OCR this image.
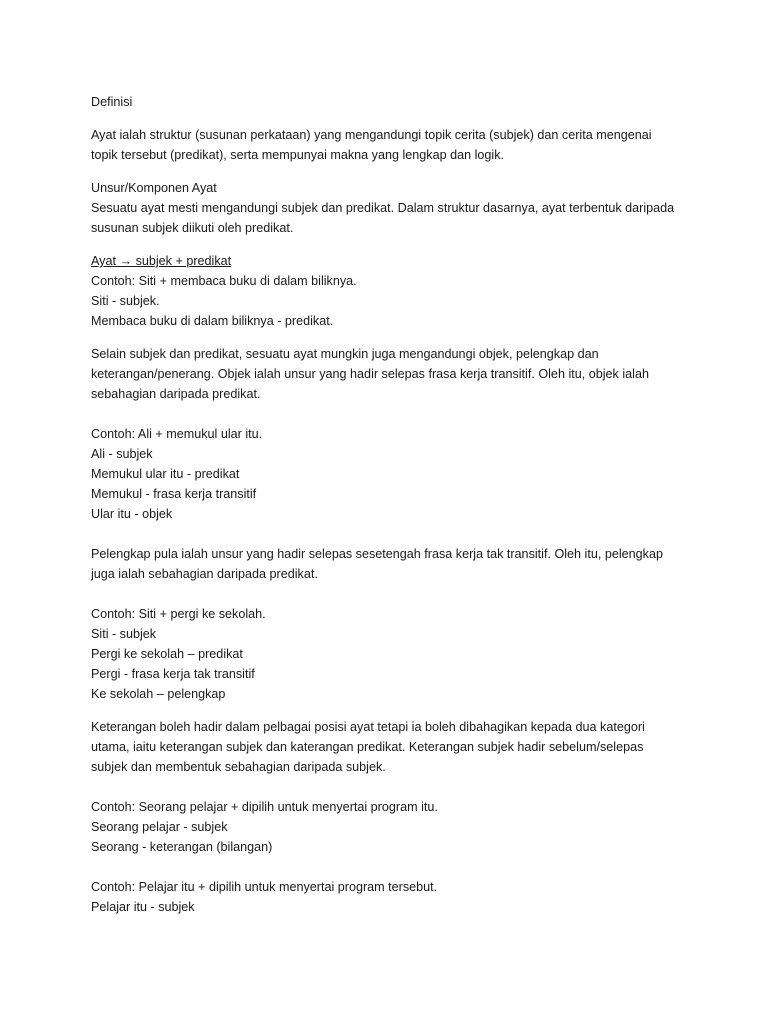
Definisi
Ayat ialah struktur (susunan perkataan) yang mengandungi topik cerita (subjek) dan cerita mengenai
topik tersebut (predikat), serta mempunyai makna yang lengkap dan logik.
Unsur/Komponen Ayat
Sesuatu ayat mesti mengandungi subjek dan predikat. Dalam struktur dasarnya, ayat terbentuk daripada
susunan subjek diikuti oleh predikat.
Ayat → subjek + predikat
Contoh: Siti + membaca buku di dalam biliknya.
Siti - subjek.
Membaca buku di dalam biliknya - predikat.
Selain subjek dan predikat, sesuatu ayat mungkin juga mengandungi objek, pelengkap dan
keterangan/penerang. Objek ialah unsur yang hadir selepas frasa kerja transitif. Oleh itu, objek ialah
sebahagian daripada predikat.
Contoh: Ali + memukul ular itu.
Ali - subjek
Memukul ular itu - predikat
Memukul - frasa kerja transitif
Ular itu - objek
Pelengkap pula ialah unsur yang hadir selepas sesetengah frasa kerja tak transitif. Oleh itu, pelengkap
juga ialah sebahagian daripada predikat.
Contoh: Siti + pergi ke sekolah.
Siti - subjek
Pergi ke sekolah – predikat
Pergi - frasa kerja tak transitif
Ke sekolah – pelengkap
Keterangan boleh hadir dalam pelbagai posisi ayat tetapi ia boleh dibahagikan kepada dua kategori
utama, iaitu keterangan subjek dan katerangan predikat. Keterangan subjek hadir sebelum/selepas
subjek dan membentuk sebahagian daripada subjek.
Contoh: Seorang pelajar + dipilih untuk menyertai program itu.
Seorang pelajar - subjek
Seorang - keterangan (bilangan)
Contoh: Pelajar itu + dipilih untuk menyertai program tersebut.
Pelajar itu - subjek
